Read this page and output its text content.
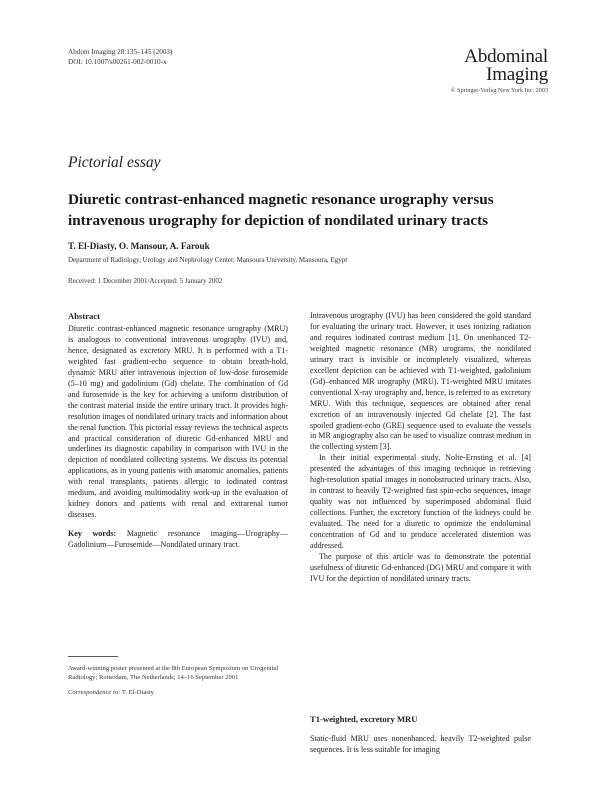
Abdom Imaging 28:135–145 (2003)
DOI: 10.1007/s00261-002-0010-x	Abdominal
Imaging
© Springer-Verlag New York Inc. 2003
Pictorial essay
Diuretic contrast-enhanced magnetic resonance urography versus intravenous urography for depiction of nondilated urinary tracts
T. El-Diasty, O. Mansour, A. Farouk
Department of Radiology, Urology and Nephrology Center, Mansoura University, Mansoura, Egypt
Received: 1 December 2001/Accepted: 5 January 2002
Abstract

Diuretic contrast-enhanced magnetic resonance urography (MRU) is analogous to conventional intravenous urography (IVU) and, hence, designated as excretory MRU. It is performed with a T1-weighted fast gradient-echo sequence to obtain breath-hold, dynamic MRU after intravenous injection of low-dose furosemide (5–10 mg) and gadolinium (Gd) chelate. The combination of Gd and furosemide is the key for achieving a uniform distribution of the contrast material inside the entire urinary tract. It provides high-resolution images of nondilated urinary tracts and information about the renal function. This pictorial essay reviews the technical aspects and practical consideration of diuretic Gd-enhanced MRU and underlines its diagnostic capability in comparison with IVU in the depiction of nondilated collecting systems. We discuss its potential applications, as in young patients with anatomic anomalies, patients with renal transplants, patients allergic to iodinated contrast medium, and avoiding multimodality work-up in the evaluation of kidney donors and patients with renal and extrarenal tumor diseases.

Key words: Magnetic resonance imaging—Urography—Gadolinium—Furosemide—Nondilated urinary tract.

Award-winning poster presented at the 8th European Symposium on Urogenital Radiology; Rotterdam, The Netherlands; 14–16 September 2001

Correspondence to: T. El-Diasty

Intravenous urography (IVU) has been considered the gold standard for evaluating the urinary tract. However, it uses ionizing radiation and requires iodinated contrast medium [1]. On unenhanced T2-weighted magnetic resonance (MR) urograms, the nondilated urinary tract is invisible or incompletely visualized, whereas excellent depiction can be achieved with T1-weighted, gadolinium (Gd)–enhanced MR urography (MRU). T1-weighted MRU imitates conventional X-ray urography and, hence, is referred to as excretory MRU. With this technique, sequences are obtained after renal excretion of an intravenously injected Gd chelate [2]. The fast spoiled gradient-echo (GRE) sequence used to evaluate the vessels in MR angiography also can be used to visualize contrast medium in the collecting system [3].

In their initial experimental study, Nolte-Ernsting et al. [4] presented the advantages of this imaging technique in retrieving high-resolution spatial images in nonobstructed urinary tracts. Also, in contrast to heavily T2-weighted fast spin-echo sequences, image quality was not influenced by superimposed abdominal fluid collections. Further, the excretory function of the kidneys could be evaluated. The need for a diuretic to optimize the endoluminal concentration of Gd and to produce accelerated distention was addressed.

The purpose of this article was to demonstrate the potential usefulness of diuretic Gd-enhanced (DG) MRU and compare it with IVU for the depiction of nondilated urinary tracts.

T1-weighted, excretory MRU
Static-fluid MRU uses nonenhanced, heavily T2-weighted pulse sequences. It is less suitable for imaging
